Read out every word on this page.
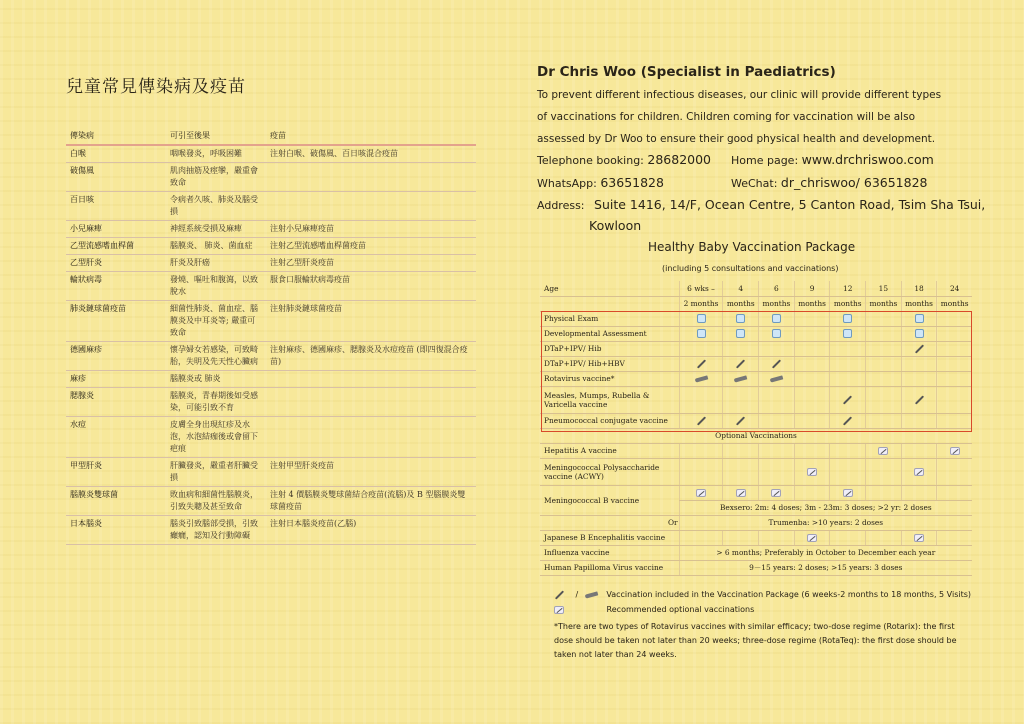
兒童常見傳染病及疫苗
傳染病	可引至後果	疫苗
白喉	咽喉發炎，呼吸困難	注射白喉、破傷風、百日咳混合疫苗
破傷風	肌肉抽筋及痙攣，嚴重會致命	
百日咳	令病者久咳、肺炎及腦受損	
小兒麻痺	神經系統受損及麻痺	注射小兒麻痺疫苗
乙型流感嗜血桿菌	腦膜炎、 肺炎、菌血症	注射乙型流感嗜血桿菌疫苗
乙型肝炎	肝炎及肝癌	注射乙型肝炎疫苗
輪狀病毒	發燒、嘔吐和腹瀉，以致脫水	服食口服輪狀病毒疫苗
肺炎鏈球菌疫苗	細菌性肺炎、菌血症、腦膜炎及中耳炎等; 嚴重可致命	注射肺炎鏈球菌疫苗
德國麻疹	懷孕婦女若感染，可致畸胎，失明及先天性心臟病	注射麻疹、德國麻疹、腮腺炎及水痘疫苗 (即四復混合疫苗)
麻疹	腦膜炎或 肺炎	
腮腺炎	腦膜炎，青春期後如受感染，可能引致不育	
水痘	皮膚全身出現紅疹及水泡，水泡結痂後或會留下疤痕	
甲型肝炎	肝臟發炎，嚴重者肝臟受損	注射甲型肝炎疫苗
腦膜炎雙球菌	敗血病和細菌性腦膜炎，引致失聰及甚至致命	注射 4 價腦膜炎雙球菌結合疫苗(流腦)及 B 型腦膜炎雙球菌疫苗
日本腦炎	腦炎引致腦部受損，引致 癲癇，認知及行動障礙	注射日本腦炎疫苗(乙腦)
Dr Chris Woo (Specialist in Paediatrics)
To prevent different infectious diseases, our clinic will provide different types
of vaccinations for children. Children coming for vaccination will be also
assessed by Dr Woo to ensure their good physical health and development.
Telephone booking: 28682000 Home page: www.drchriswoo.com
WhatsApp: 63651828	WeChat: dr_chriswoo/ 63651828
Address: Suite 1416, 14/F, Ocean Centre, 5 Canton Road, Tsim Sha Tsui,
Kowloon
Healthy Baby Vaccination Package
(including 5 consultations and vaccinations)
Age	6 wks –	4	6	9	12	15	18	24
	2 months	months	months	months	months	months	months	months
Physical Exam								
Developmental Assessment								
DTaP+IPV/ Hib								
DTaP+IPV/ Hib+HBV								
Rotavirus vaccine*								
Measles, Mumps, Rubella & Varicella vaccine								
Pneumococcal conjugate vaccine								
Optional Vaccinations								
Hepatitis A vaccine								
Meningococcal Polysaccharide vaccine (ACWY)								
Meningococcal B vaccine								
	Bexsero: 2m: 4 doses; 3m - 23m: 3 doses; >2 yr: 2 doses							
Or	Trumenba: >10 years: 2 doses							
Japanese B Encephalitis vaccine								
Influenza vaccine	> 6 months; Preferably in October to December each year							
Human Papilloma Virus vaccine	9－15 years: 2 doses; >15 years: 3 doses							
/	Vaccination included in the Vaccination Package (6 weeks-2 months to 18 months, 5 Visits)
Recommended optional vaccinations
*There are two types of Rotavirus vaccines with similar efficacy; two-dose regime (Rotarix): the first dose should be taken not later than 20 weeks; three-dose regime (RotaTeq): the first dose should be taken not later than 24 weeks.
